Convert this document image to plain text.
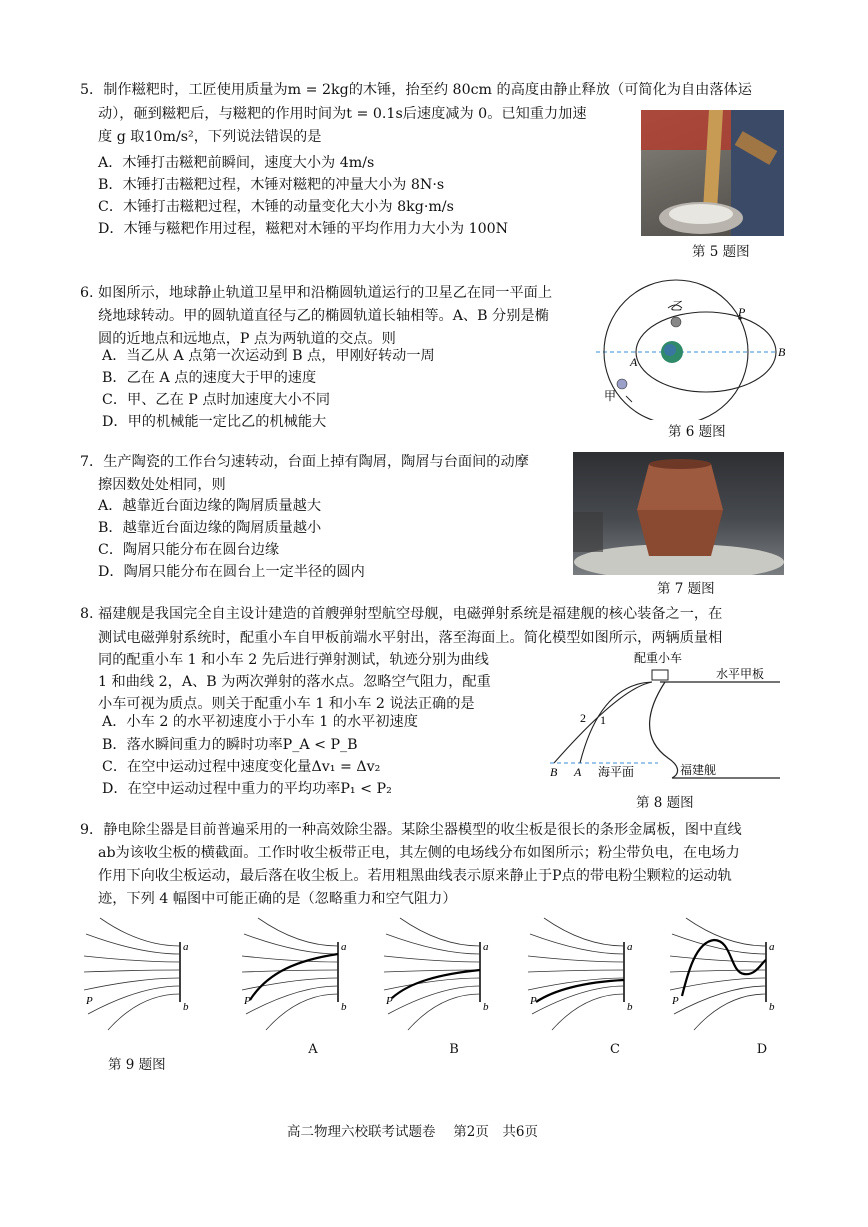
5．制作糍粑时，工匠使用质量为m = 2kg的木锤，抬至约 80cm 的高度由静止释放（可简化为自由落体运
动），砸到糍粑后，与糍粑的作用时间为t = 0.1s后速度减为 0。已知重力加速
度 g 取10m/s²，下列说法错误的是
A．木锤打击糍粑前瞬间，速度大小为 4m/s
B．木锤打击糍粑过程，木锤对糍粑的冲量大小为 8N·s
C．木锤打击糍粑过程，木锤的动量变化大小为 8kg·m/s
D．木锤与糍粑作用过程，糍粑对木锤的平均作用力大小为 100N
第 5 题图
6. 如图所示，地球静止轨道卫星甲和沿椭圆轨道运行的卫星乙在同一平面上
绕地球转动。甲的圆轨道直径与乙的椭圆轨道长轴相等。A、B 分别是椭
圆的近地点和远地点，P 点为两轨道的交点。则
A．当乙从 A 点第一次运动到 B 点，甲刚好转动一周
B．乙在 A 点的速度大于甲的速度
C．甲、乙在 P 点时加速度大小不同
D．甲的机械能一定比乙的机械能大
乙
甲
P
A
B
第 6 题图
7．生产陶瓷的工作台匀速转动，台面上掉有陶屑，陶屑与台面间的动摩
擦因数处处相同，则
A．越靠近台面边缘的陶屑质量越大
B．越靠近台面边缘的陶屑质量越小
C．陶屑只能分布在圆台边缘
D．陶屑只能分布在圆台上一定半径的圆内
第 7 题图
8. 福建舰是我国完全自主设计建造的首艘弹射型航空母舰，电磁弹射系统是福建舰的核心装备之一，在
测试电磁弹射系统时，配重小车自甲板前端水平射出，落至海面上。简化模型如图所示，两辆质量相
同的配重小车 1 和小车 2 先后进行弹射测试，轨迹分别为曲线
1 和曲线 2，A、B 为两次弹射的落水点。忽略空气阻力，配重
小车可视为质点。则关于配重小车 1 和小车 2 说法正确的是
A．小车 2 的水平初速度小于小车 1 的水平初速度
B．落水瞬间重力的瞬时功率P_A < P_B
C．在空中运动过程中速度变化量Δv₁ = Δv₂
D．在空中运动过程中重力的平均功率P₁ < P₂
配重小车
水平甲板
海平面	福建舰
1
2
A
B
第 8 题图
9．静电除尘器是目前普遍采用的一种高效除尘器。某除尘器模型的收尘板是很长的条形金属板，图中直线
ab为该收尘板的横截面。工作时收尘板带正电，其左侧的电场线分布如图所示；粉尘带负电，在电场力
作用下向收尘板运动，最后落在收尘板上。若用粗黑曲线表示原来静止于P点的带电粉尘颗粒的运动轨
迹，下列 4 幅图中可能正确的是（忽略重力和空气阻力）
a
b
P
a
b
P
a
b
P
a
b
P
a
b
P
第 9 题图
A	B	C	D
高二物理六校联考试题卷　 第2页　共6页
